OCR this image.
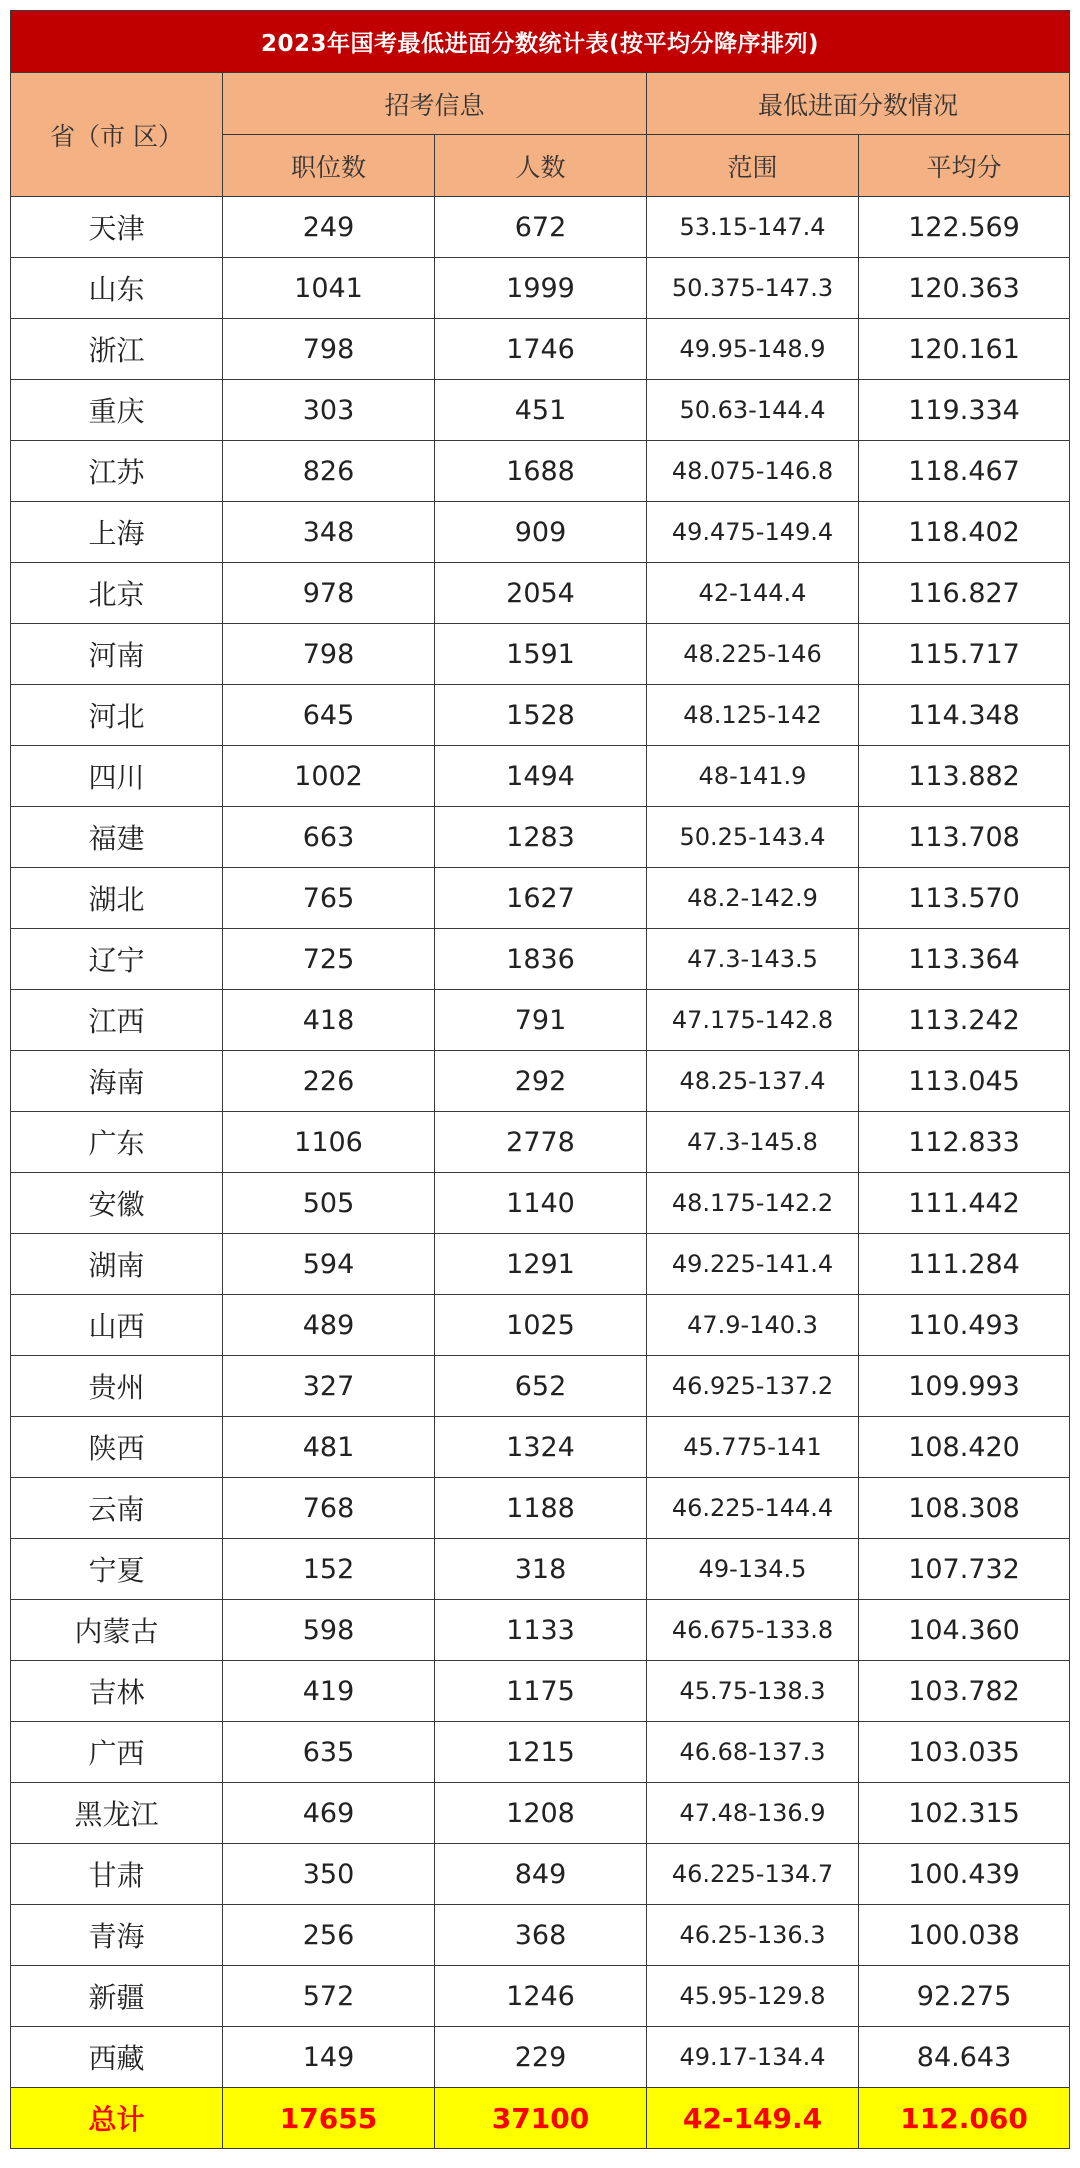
2023年国考最低进面分数统计表(按平均分降序排列)				
省（市 区）	招考信息		最低进面分数情况	
	职位数	人数	范围	平均分
天津	249	672	53.15-147.4	122.569
山东	1041	1999	50.375-147.3	120.363
浙江	798	1746	49.95-148.9	120.161
重庆	303	451	50.63-144.4	119.334
江苏	826	1688	48.075-146.8	118.467
上海	348	909	49.475-149.4	118.402
北京	978	2054	42-144.4	116.827
河南	798	1591	48.225-146	115.717
河北	645	1528	48.125-142	114.348
四川	1002	1494	48-141.9	113.882
福建	663	1283	50.25-143.4	113.708
湖北	765	1627	48.2-142.9	113.570
辽宁	725	1836	47.3-143.5	113.364
江西	418	791	47.175-142.8	113.242
海南	226	292	48.25-137.4	113.045
广东	1106	2778	47.3-145.8	112.833
安徽	505	1140	48.175-142.2	111.442
湖南	594	1291	49.225-141.4	111.284
山西	489	1025	47.9-140.3	110.493
贵州	327	652	46.925-137.2	109.993
陕西	481	1324	45.775-141	108.420
云南	768	1188	46.225-144.4	108.308
宁夏	152	318	49-134.5	107.732
内蒙古	598	1133	46.675-133.8	104.360
吉林	419	1175	45.75-138.3	103.782
广西	635	1215	46.68-137.3	103.035
黑龙江	469	1208	47.48-136.9	102.315
甘肃	350	849	46.225-134.7	100.439
青海	256	368	46.25-136.3	100.038
新疆	572	1246	45.95-129.8	92.275
西藏	149	229	49.17-134.4	84.643
总计	17655	37100	42-149.4	112.060
